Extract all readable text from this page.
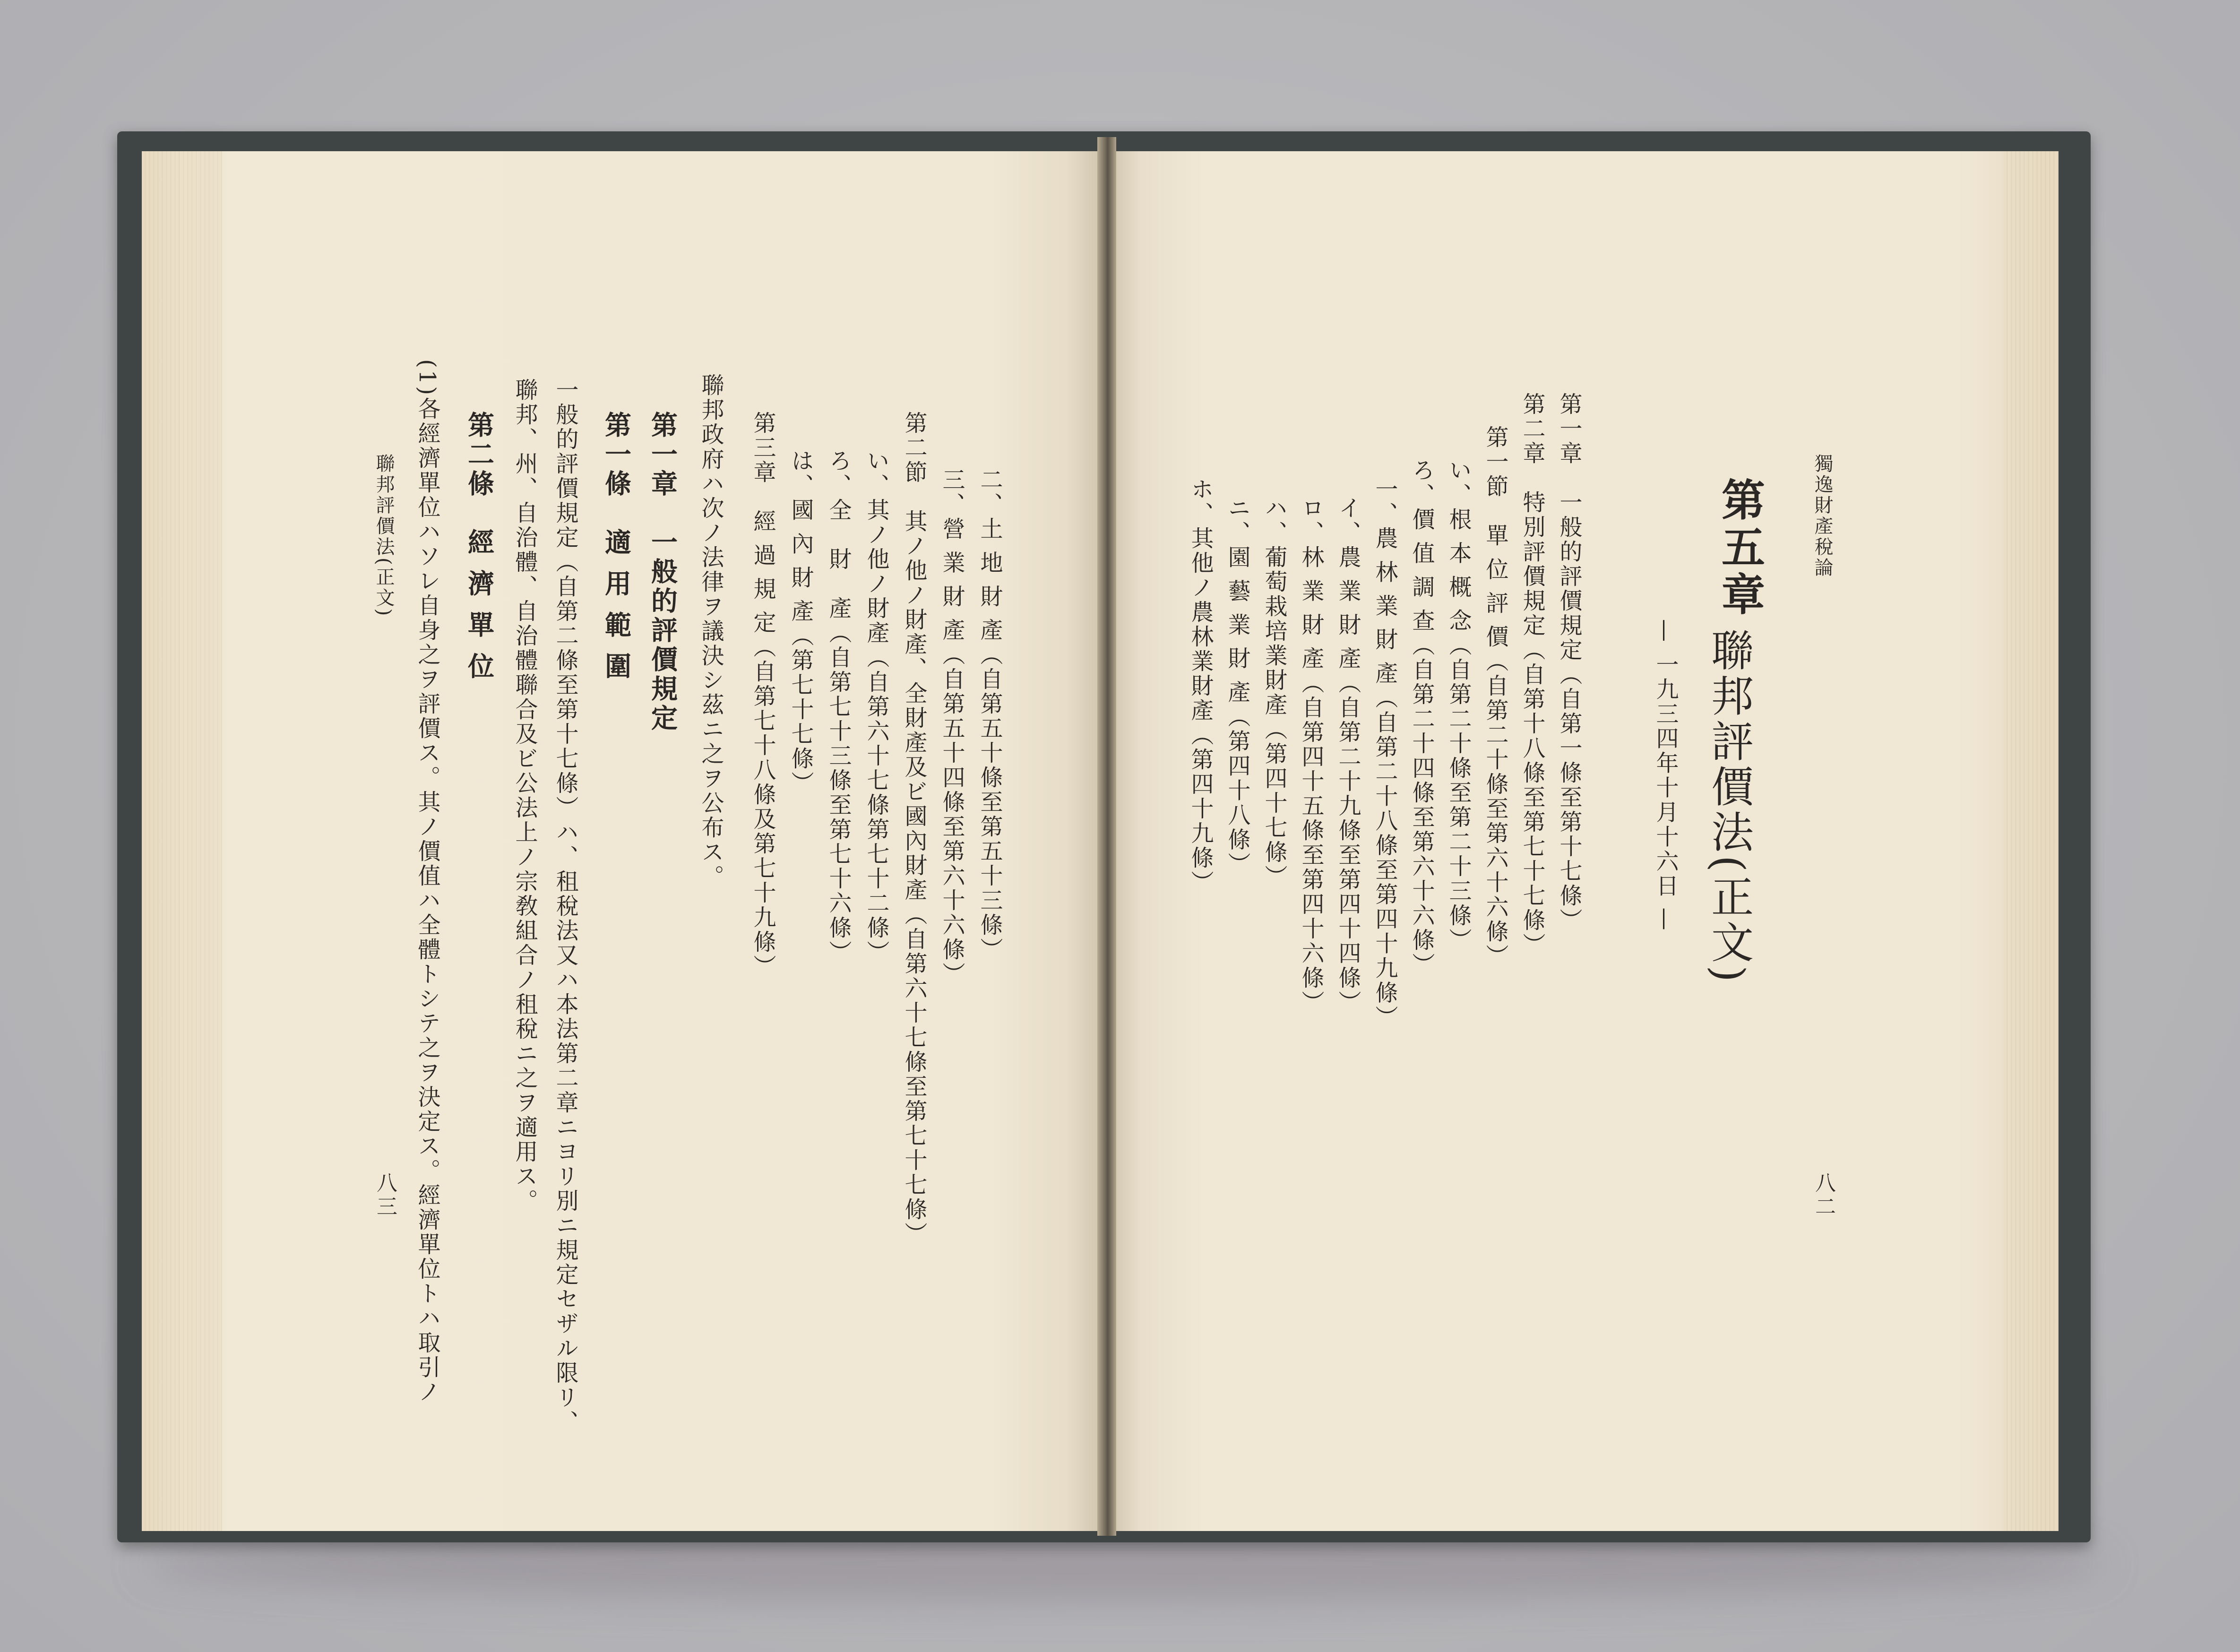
獨逸財產稅論
第五章
聯邦評價法(正文)
— 一九三四年十月十六日 —
第一章　一般的評價規定（自第一條至第十七條）
第二章　特別評價規定（自第十八條至第七十七條）
第一節　單 位 評 價（自第二十條至第六十六條）
い、根 本 概 念（自第二十條至第二十三條）
ろ、價 值 調 查（自第二十四條至第六十六條）
一、農 林 業 財 產（自第二十八條至第四十九條）
イ、農 業 財 產（自第二十九條至第四十四條）
ロ、林 業 財 產（自第四十五條至第四十六條）
ハ、葡萄栽培業財產（第四十七條）
ニ、園 藝 業 財 產（第四十八條）
ホ、其他ノ農林業財產（第四十九條）
八二
二、土 地 財 產（自第五十條至第五十三條）
三、營 業 財 產（自第五十四條至第六十六條）
第二節　其ノ他ノ財產、全財產及ビ國內財產（自第六十七條至第七十七條）
い、其ノ他ノ財產（自第六十七條第七十二條）
ろ、全　財　產（自第七十三條至第七十六條）
は、國 內 財 產（第七十七條）
第三章　經 過 規 定（自第七十八條及第七十九條）
聯邦政府ハ次ノ法律ヲ議決シ茲ニ之ヲ公布ス。
第一章　一般的評價規定
第一條　適 用 範 圍
一般的評價規定（自第二條至第十七條）ハ、租稅法又ハ本法第二章ニヨリ別ニ規定セザル限リ、
聯邦、州、自治體、自治體聯合及ビ公法上ノ宗敎組合ノ租稅ニ之ヲ適用ス。
第二條　經 濟 單 位
(1)
各經濟單位ハソレ自身之ヲ評價ス。其ノ價值ハ全體トシテ之ヲ決定ス。經濟單位トハ取引ノ
聯邦評價法(正文)
八三
